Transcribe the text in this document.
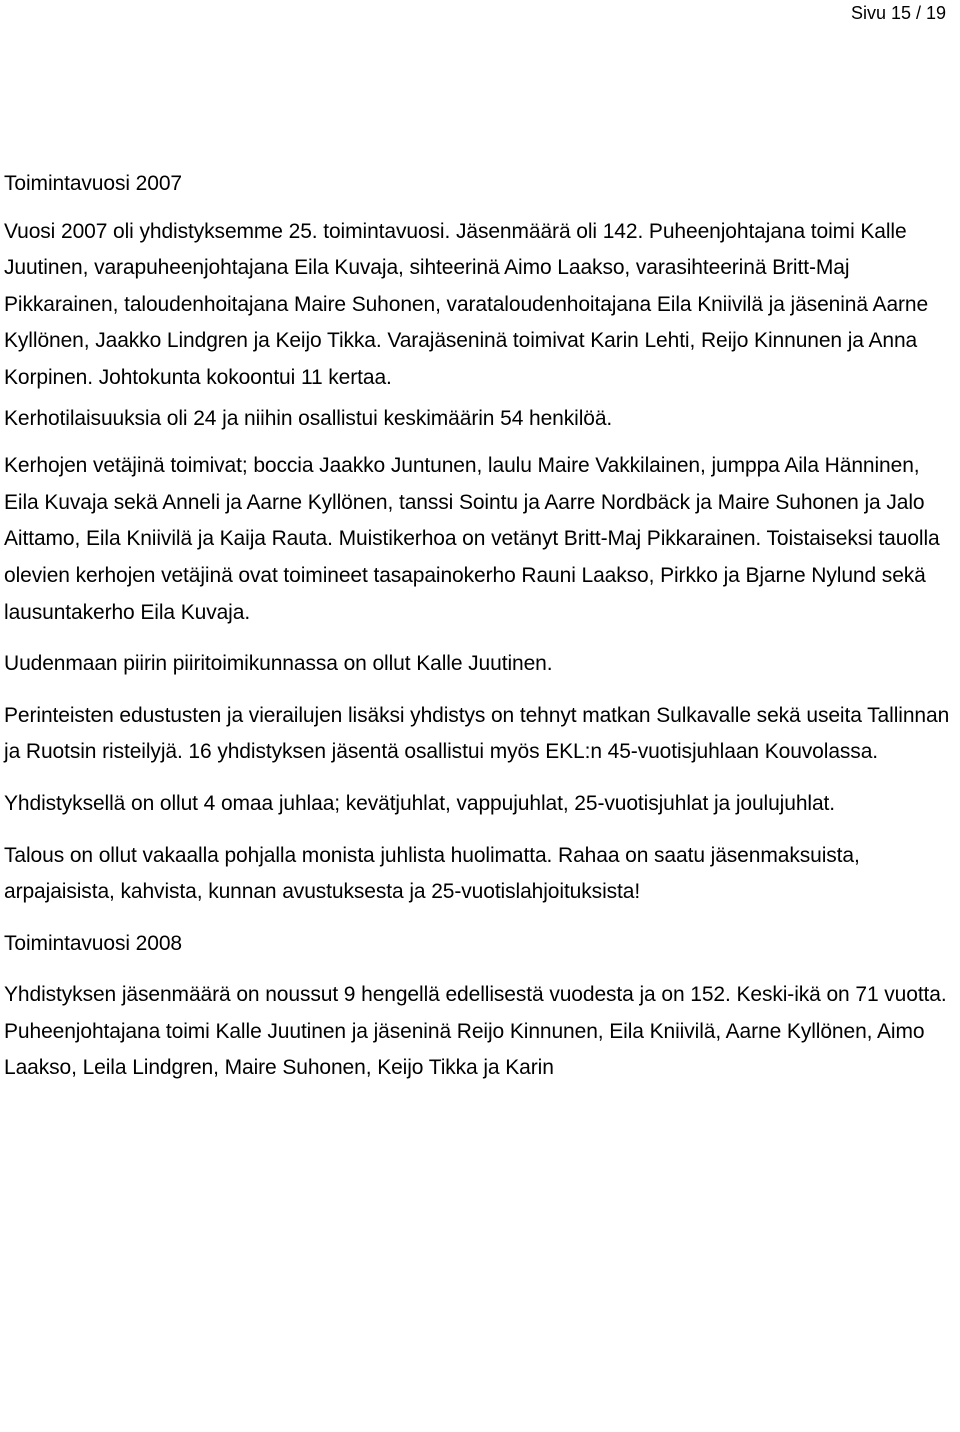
Sivu 15 / 19
Toimintavuosi 2007

Vuosi 2007 oli yhdistyksemme 25. toimintavuosi. Jäsenmäärä oli 142. Puheenjohtajana toimi Kalle Juutinen, varapuheenjohtajana Eila Kuvaja, sihteerinä Aimo Laakso, varasihteerinä Britt-Maj Pikkarainen, taloudenhoitajana Maire Suhonen, varataloudenhoitajana Eila Kniivilä ja jäseninä Aarne Kyllönen, Jaakko Lindgren ja Keijo Tikka. Varajäseninä toimivat Karin Lehti, Reijo Kinnunen ja Anna Korpinen. Johtokunta kokoontui 11 kertaa.

Kerhotilaisuuksia oli 24 ja niihin osallistui keskimäärin 54 henkilöä.

Kerhojen vetäjinä toimivat; boccia Jaakko Juntunen, laulu Maire Vakkilainen, jumppa Aila Hänninen, Eila Kuvaja sekä Anneli ja Aarne Kyllönen, tanssi Sointu ja Aarre Nordbäck ja Maire Suhonen ja Jalo Aittamo, Eila Kniivilä ja Kaija Rauta. Muistikerhoa on vetänyt Britt-Maj Pikkarainen. Toistaiseksi tauolla olevien kerhojen vetäjinä ovat toimineet tasapainokerho Rauni Laakso, Pirkko ja Bjarne Nylund sekä lausuntakerho Eila Kuvaja.

Uudenmaan piirin piiritoimikunnassa on ollut Kalle Juutinen.

Perinteisten edustusten ja vierailujen lisäksi yhdistys on tehnyt matkan Sulkavalle sekä useita Tallinnan ja Ruotsin risteilyjä. 16 yhdistyksen jäsentä osallistui myös EKL:n 45-vuotisjuhlaan Kouvolassa.

Yhdistyksellä on ollut 4 omaa juhlaa; kevätjuhlat, vappujuhlat, 25-vuotisjuhlat ja joulujuhlat.

Talous on ollut vakaalla pohjalla monista juhlista huolimatta. Rahaa on saatu jäsenmaksuista, arpajaisista, kahvista, kunnan avustuksesta ja 25-vuotislahjoituksista!

Toimintavuosi 2008

Yhdistyksen jäsenmäärä on noussut 9 hengellä edellisestä vuodesta ja on 152. Keski-ikä on 71 vuotta.

Puheenjohtajana toimi Kalle Juutinen ja jäseninä Reijo Kinnunen, Eila Kniivilä, Aarne Kyllönen, Aimo Laakso, Leila Lindgren, Maire Suhonen, Keijo Tikka ja Karin
